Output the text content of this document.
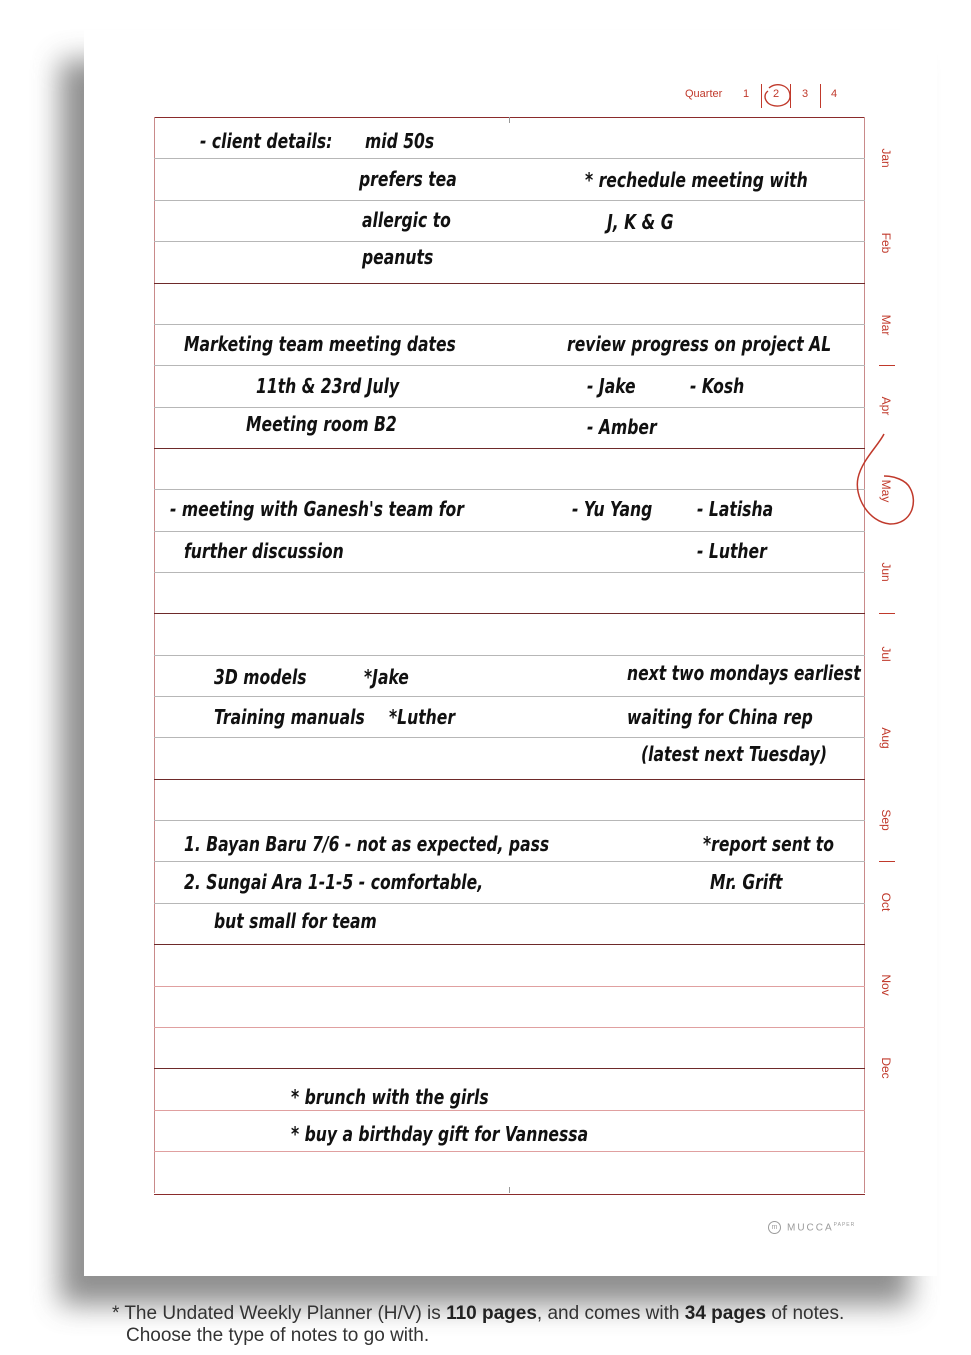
Quarter	1	2	3	4
Jan
Feb
Mar
Apr
May
Jun
Jul
Aug
Sep
Oct
Nov
Dec
- client details: mid 50s
prefers tea
allergic to
peanuts
* rechedule meeting with
J, K & G
Marketing team meeting dates
11th & 23rd July
Meeting room B2
review progress on project AL
- Jake	- Kosh
- Amber
- meeting with Ganesh's team for
further discussion
- Yu Yang - Latisha
- Luther
3D models	*Jake
Training manuals *Luther
next two mondays earliest
waiting for China rep
(latest next Tuesday)
1. Bayan Baru 7/6 - not as expected, pass
2. Sungai Ara 1-1-5 - comfortable,
but small for team
*report sent to
Mr. Grift
* brunch with the girls
* buy a birthday gift for Vannessa
m $MUCCA^{PAPER}$
* The Undated Weekly Planner (H/V) is 110 pages, and comes with 34 pages of notes.
Choose the type of notes to go with.
